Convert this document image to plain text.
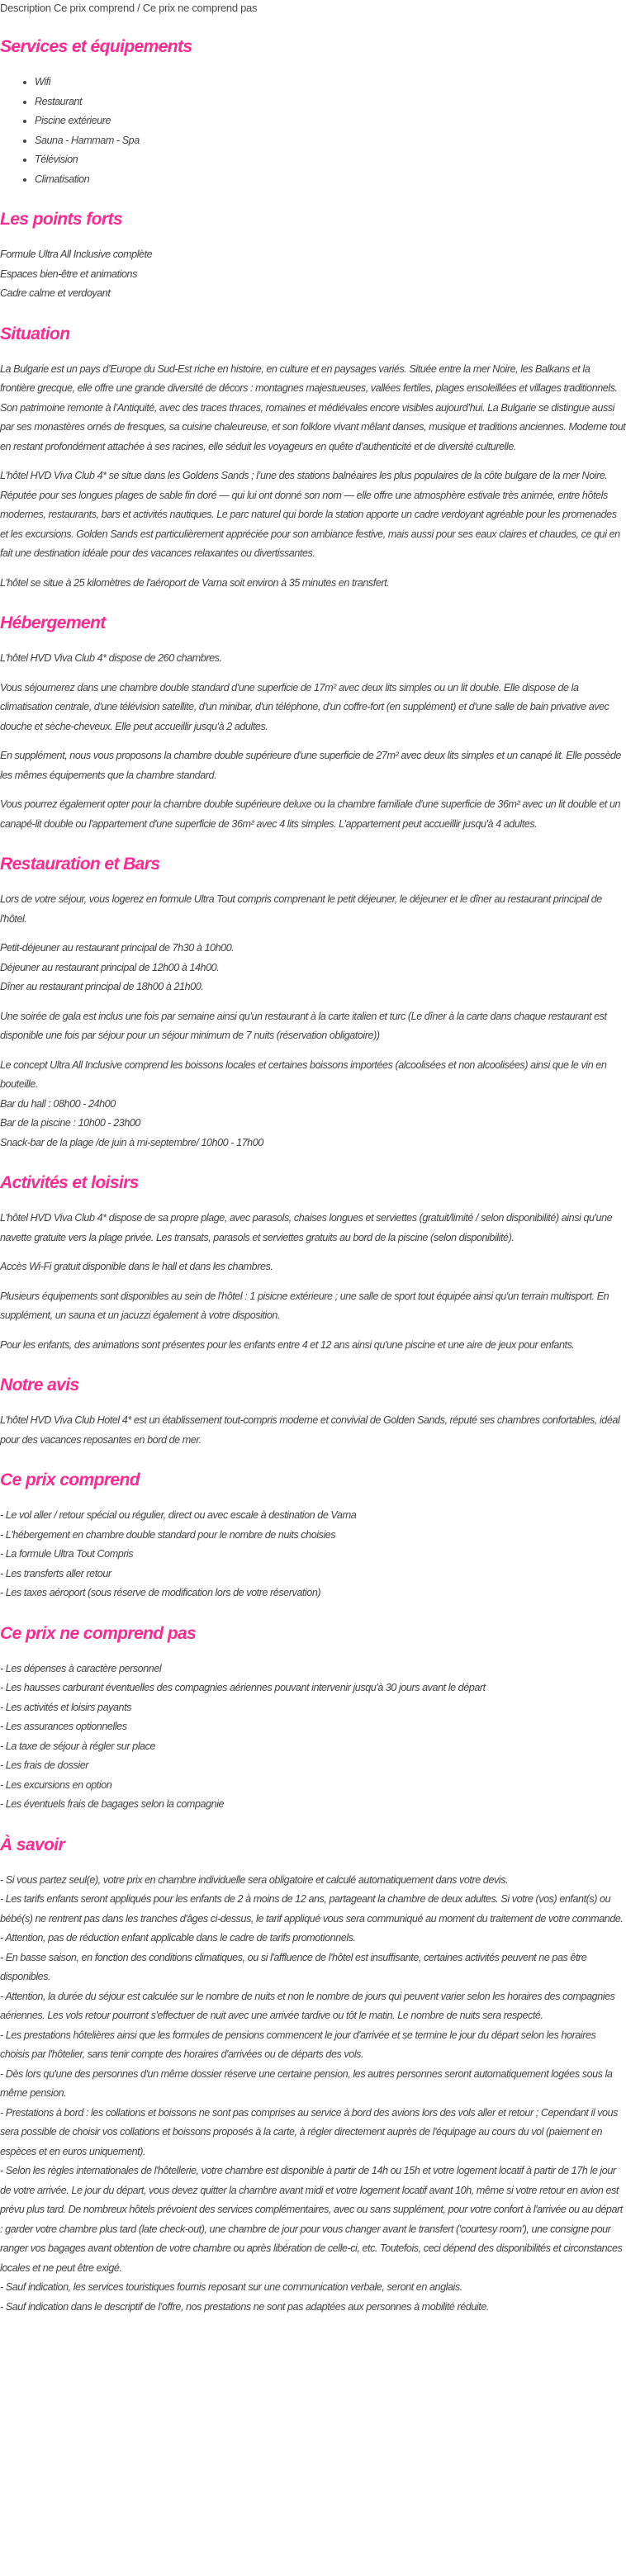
Description Ce prix comprend / Ce prix ne comprend pas
Services et équipements
• Wifi
• Restaurant
• Piscine extérieure
• Sauna - Hammam - Spa
• Télévision
• Climatisation
Les points forts
Formule Ultra All Inclusive complète
Espaces bien-être et animations
Cadre calme et verdoyant
Situation

La Bulgarie est un pays d’Europe du Sud-Est riche en histoire, en culture et en paysages variés. Située entre la mer Noire, les Balkans et la frontière grecque, elle offre une grande diversité de décors : montagnes majestueuses, vallées fertiles, plages ensoleillées et villages traditionnels. Son patrimoine remonte à l’Antiquité, avec des traces thraces, romaines et médiévales encore visibles aujourd’hui. La Bulgarie se distingue aussi par ses monastères ornés de fresques, sa cuisine chaleureuse, et son folklore vivant mêlant danses, musique et traditions anciennes. Moderne tout en restant profondément attachée à ses racines, elle séduit les voyageurs en quête d’authenticité et de diversité culturelle.

L'hôtel HVD Viva Club 4* se situe dans les Goldens Sands ; l’une des stations balnéaires les plus populaires de la côte bulgare de la mer Noire. Réputée pour ses longues plages de sable fin doré — qui lui ont donné son nom — elle offre une atmosphère estivale très animée, entre hôtels modernes, restaurants, bars et activités nautiques. Le parc naturel qui borde la station apporte un cadre verdoyant agréable pour les promenades et les excursions. Golden Sands est particulièrement appréciée pour son ambiance festive, mais aussi pour ses eaux claires et chaudes, ce qui en fait une destination idéale pour des vacances relaxantes ou divertissantes.

L'hôtel se situe à 25 kilomètres de l'aéroport de Varna soit environ à 35 minutes en transfert.

Hébergement

L'hôtel HVD Viva Club 4* dispose de 260 chambres.

Vous séjournerez dans une chambre double standard d'une superficie de 17m² avec deux lits simples ou un lit double. Elle dispose de la climatisation centrale, d'une télévision satellite, d'un minibar, d'un téléphone, d'un coffre-fort (en supplément) et d'une salle de bain privative avec douche et sèche-cheveux. Elle peut accueillir jusqu'à 2 adultes.

En supplément, nous vous proposons la chambre double supérieure d'une superficie de 27m² avec deux lits simples et un canapé lit. Elle possède les mêmes équipements que la chambre standard.

Vous pourrez également opter pour la chambre double supérieure deluxe ou la chambre familiale d'une superficie de 36m² avec un lit double et un canapé-lit double ou l'appartement d'une superficie de 36m² avec 4 lits simples. L'appartement peut accueillir jusqu'à 4 adultes.

Restauration et Bars

Lors de votre séjour, vous logerez en formule Ultra Tout compris comprenant le petit déjeuner, le déjeuner et le dîner au restaurant principal de l'hôtel.

Petit-déjeuner au restaurant principal de 7h30 à 10h00.
Déjeuner au restaurant principal de 12h00 à 14h00.
Dîner au restaurant principal de 18h00 à 21h00.

Une soirée de gala est inclus une fois par semaine ainsi qu'un restaurant à la carte italien et turc (Le dîner à la carte dans chaque restaurant est disponible une fois par séjour pour un séjour minimum de 7 nuits (réservation obligatoire))

Le concept Ultra All Inclusive comprend les boissons locales et certaines boissons importées (alcoolisées et non alcoolisées) ainsi que le vin en bouteille.
Bar du hall : 08h00 - 24h00
Bar de la piscine : 10h00 - 23h00
Snack-bar de la plage /de juin à mi-septembre/ 10h00 - 17h00

Activités et loisirs

L'hôtel HVD Viva Club 4* dispose de sa propre plage, avec parasols, chaises longues et serviettes (gratuit/limité / selon disponibilité) ainsi qu'une navette gratuite vers la plage privée. Les transats, parasols et serviettes gratuits au bord de la piscine (selon disponibilité).

Accès Wi-Fi gratuit disponible dans le hall et dans les chambres.

Plusieurs équipements sont disponibles au sein de l'hôtel : 1 pisicne extérieure ; une salle de sport tout équipée ainsi qu'un terrain multisport. En supplément, un sauna et un jacuzzi également à votre disposition.

Pour les enfants, des animations sont présentes pour les enfants entre 4 et 12 ans ainsi qu'une piscine et une aire de jeux pour enfants.

Notre avis

L'hôtel HVD Viva Club Hotel 4* est un établissement tout-compris moderne et convivial de Golden Sands, réputé ses chambres confortables, idéal pour des vacances reposantes en bord de mer.

Ce prix comprend

- Le vol aller / retour spécial ou régulier, direct ou avec escale à destination de Varna
- L'hébergement en chambre double standard pour le nombre de nuits choisies
- La formule Ultra Tout Compris
- Les transferts aller retour
- Les taxes aéroport (sous réserve de modification lors de votre réservation)

Ce prix ne comprend pas

- Les dépenses à caractère personnel
- Les hausses carburant éventuelles des compagnies aériennes pouvant intervenir jusqu'à 30 jours avant le départ
- Les activités et loisirs payants
- Les assurances optionnelles
- La taxe de séjour à régler sur place
- Les frais de dossier
- Les excursions en option
- Les éventuels frais de bagages selon la compagnie

À savoir

- Si vous partez seul(e), votre prix en chambre individuelle sera obligatoire et calculé automatiquement dans votre devis.
- Les tarifs enfants seront appliqués pour les enfants de 2 à moins de 12 ans, partageant la chambre de deux adultes. Si votre (vos) enfant(s) ou bébé(s) ne rentrent pas dans les tranches d'âges ci-dessus, le tarif appliqué vous sera communiqué au moment du traitement de votre commande.
- Attention, pas de réduction enfant applicable dans le cadre de tarifs promotionnels.
- En basse saison, en fonction des conditions climatiques, ou si l'affluence de l'hôtel est insuffisante, certaines activités peuvent ne pas être disponibles.
- Attention, la durée du séjour est calculée sur le nombre de nuits et non le nombre de jours qui peuvent varier selon les horaires des compagnies aériennes. Les vols retour pourront s'effectuer de nuit avec une arrivée tardive ou tôt le matin. Le nombre de nuits sera respecté.
- Les prestations hôtelières ainsi que les formules de pensions commencent le jour d'arrivée et se termine le jour du départ selon les horaires choisis par l'hôtelier, sans tenir compte des horaires d'arrivées ou de départs des vols.
- Dès lors qu'une des personnes d'un même dossier réserve une certaine pension, les autres personnes seront automatiquement logées sous la même pension.
- Prestations à bord : les collations et boissons ne sont pas comprises au service à bord des avions lors des vols aller et retour ; Cependant il vous sera possible de choisir vos collations et boissons proposés à la carte, à régler directement auprès de l'équipage au cours du vol (paiement en espèces et en euros uniquement).
- Selon les règles internationales de l'hôtellerie, votre chambre est disponible à partir de 14h ou 15h et votre logement locatif à partir de 17h le jour de votre arrivée. Le jour du départ, vous devez quitter la chambre avant midi et votre logement locatif avant 10h, même si votre retour en avion est prévu plus tard. De nombreux hôtels prévoient des services complémentaires, avec ou sans supplément, pour votre confort à l'arrivée ou au départ : garder votre chambre plus tard (late check-out), une chambre de jour pour vous changer avant le transfert ('courtesy room'), une consigne pour ranger vos bagages avant obtention de votre chambre ou après libération de celle-ci, etc. Toutefois, ceci dépend des disponibilités et circonstances locales et ne peut être exigé.
- Sauf indication, les services touristiques fournis reposant sur une communication verbale, seront en anglais.
- Sauf indication dans le descriptif de l’offre, nos prestations ne sont pas adaptées aux personnes à mobilité réduite.
